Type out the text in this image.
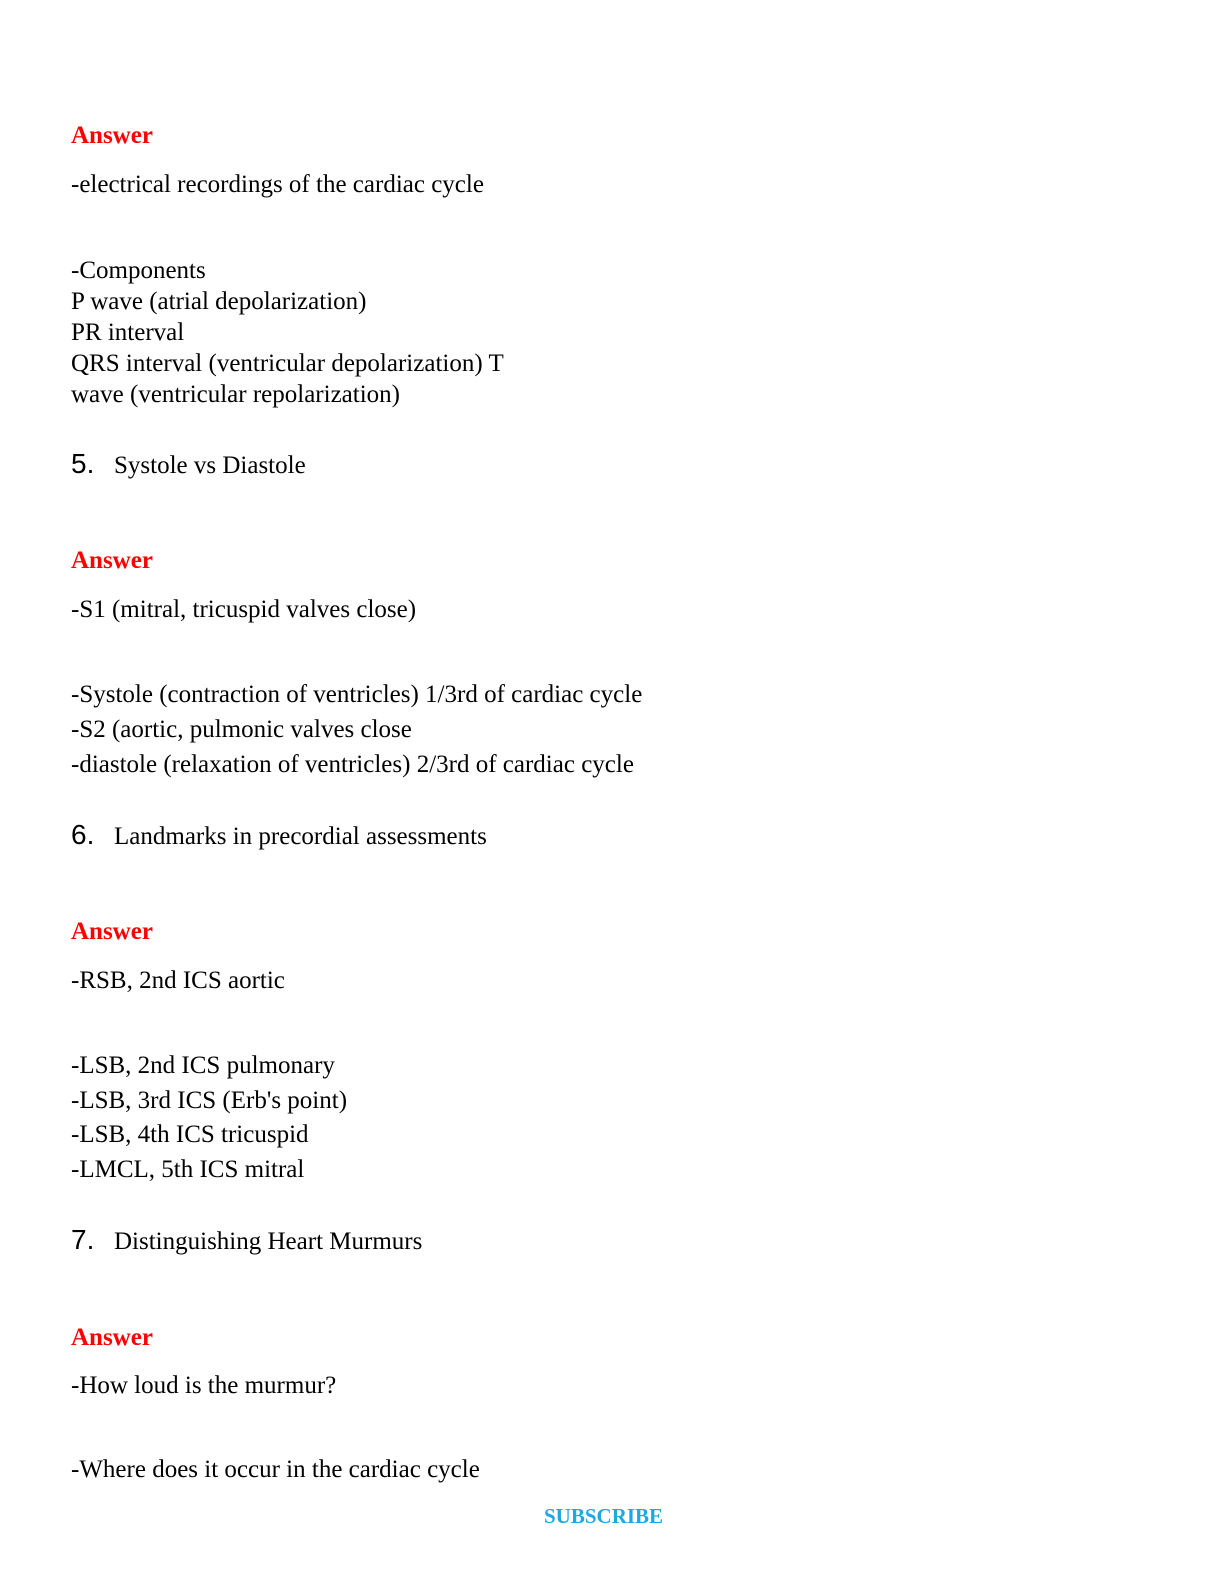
Answer
-electrical recordings of the cardiac cycle
-Components
P wave (atrial depolarization)
PR interval
QRS interval (ventricular depolarization) T
wave (ventricular repolarization)
5. Systole vs Diastole
Answer
-S1 (mitral, tricuspid valves close)
-Systole (contraction of ventricles) 1/3rd of cardiac cycle
-S2 (aortic, pulmonic valves close
-diastole (relaxation of ventricles) 2/3rd of cardiac cycle
6. Landmarks in precordial assessments
Answer
-RSB, 2nd ICS aortic
-LSB, 2nd ICS pulmonary
-LSB, 3rd ICS (Erb's point)
-LSB, 4th ICS tricuspid
-LMCL, 5th ICS mitral
7. Distinguishing Heart Murmurs
Answer
-How loud is the murmur?
-Where does it occur in the cardiac cycle
SUBSCRIBE
